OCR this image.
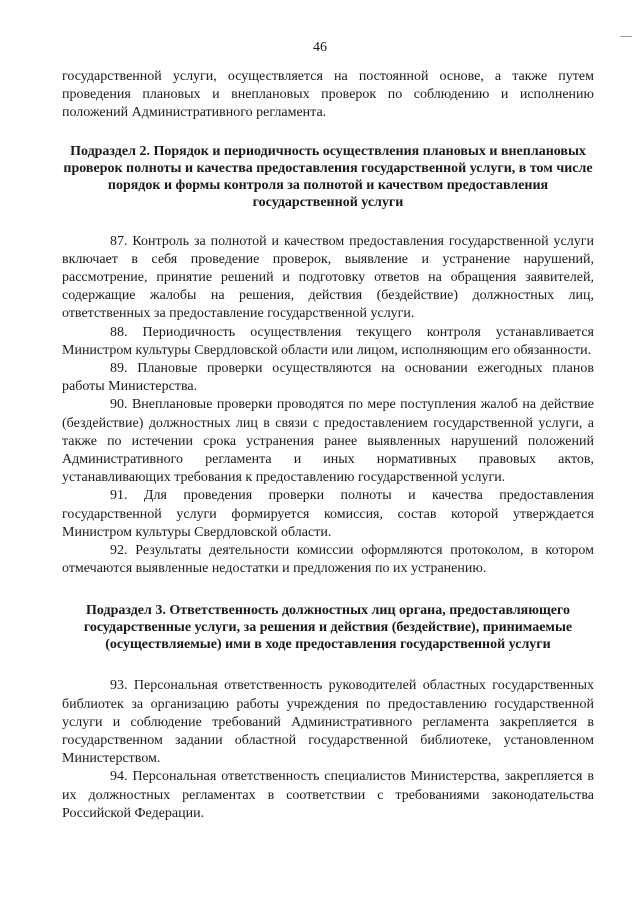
—
46

государственной услуги, осуществляется на постоянной основе, а также путем проведения плановых и внеплановых проверок по соблюдению и исполнению положений Административного регламента.

Подраздел 2. Порядок и периодичность осуществления плановых и внеплановых проверок полноты и качества предоставления государственной услуги, в том числе порядок и формы контроля за полнотой и качеством предоставления государственной услуги

87. Контроль за полнотой и качеством предоставления государственной услуги включает в себя проведение проверок, выявление и устранение нарушений, рассмотрение, принятие решений и подготовку ответов на обращения заявителей, содержащие жалобы на решения, действия (бездействие) должностных лиц, ответственных за предоставление государственной услуги.

88. Периодичность осуществления текущего контроля устанавливается Министром культуры Свердловской области или лицом, исполняющим его обязанности.

89. Плановые проверки осуществляются на основании ежегодных планов работы Министерства.

90. Внеплановые проверки проводятся по мере поступления жалоб на действие (бездействие) должностных лиц в связи с предоставлением государственной услуги, а также по истечении срока устранения ранее выявленных нарушений положений Административного регламента и иных нормативных правовых актов, устанавливающих требования к предоставлению государственной услуги.

91. Для проведения проверки полноты и качества предоставления государственной услуги формируется комиссия, состав которой утверждается Министром культуры Свердловской области.

92. Результаты деятельности комиссии оформляются протоколом, в котором отмечаются выявленные недостатки и предложения по их устранению.

Подраздел 3. Ответственность должностных лиц органа, предоставляющего государственные услуги, за решения и действия (бездействие), принимаемые (осуществляемые) ими в ходе предоставления государственной услуги

93. Персональная ответственность руководителей областных государственных библиотек за организацию работы учреждения по предоставлению государственной услуги и соблюдение требований Административного регламента закрепляется в государственном задании областной государственной библиотеке, установленном Министерством.

94. Персональная ответственность специалистов Министерства, закрепляется в их должностных регламентах в соответствии с требованиями законодательства Российской Федерации.
